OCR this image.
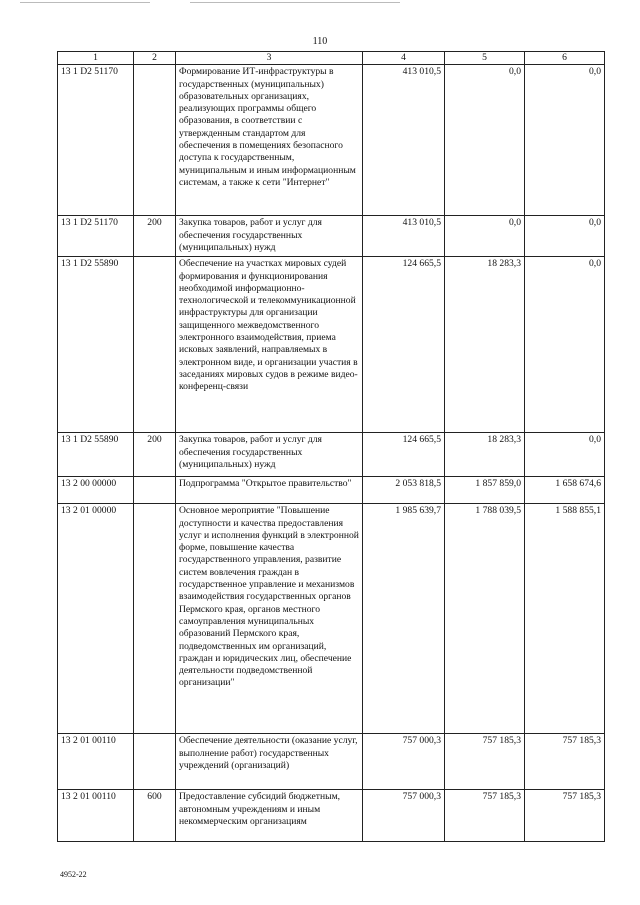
110
1	2	3	4	5	6
13 1 D2 51170		Формирование ИТ-инфраструктуры в государственных (муниципальных) образовательных организациях, реализующих программы общего образования, в соответствии с утвержденным стандартом для обеспечения в помещениях безопасного доступа к государственным, муниципальным и иным информационным системам, а также к сети "Интернет"	413 010,5	0,0	0,0
13 1 D2 51170	200	Закупка товаров, работ и услуг для обеспечения государственных (муниципальных) нужд	413 010,5	0,0	0,0
13 1 D2 55890		Обеспечение на участках мировых судей формирования и функционирования необходимой информационно-технологической и телекоммуникационной инфраструктуры для организации защищенного межведомственного электронного взаимодействия, приема исковых заявлений, направляемых в электронном виде, и организации участия в заседаниях мировых судов в режиме видео-конференц-связи	124 665,5	18 283,3	0,0
13 1 D2 55890	200	Закупка товаров, работ и услуг для обеспечения государственных (муниципальных) нужд	124 665,5	18 283,3	0,0
13 2 00 00000		Подпрограмма "Открытое правительство"	2 053 818,5	1 857 859,0	1 658 674,6
13 2 01 00000		Основное мероприятие "Повышение доступности и качества предоставления услуг и исполнения функций в электронной форме, повышение качества государственного управления, развитие систем вовлечения граждан в государственное управление и механизмов взаимодействия государственных органов Пермского края, органов местного самоуправления муниципальных образований Пермского края, подведомственных им организаций, граждан и юридических лиц, обеспечение деятельности подведомственной организации"	1 985 639,7	1 788 039,5	1 588 855,1
13 2 01 00110		Обеспечение деятельности (оказание услуг, выполнение работ) государственных учреждений (организаций)	757 000,3	757 185,3	757 185,3
13 2 01 00110	600	Предоставление субсидий бюджетным, автономным учреждениям и иным некоммерческим организациям	757 000,3	757 185,3	757 185,3
4952-22
